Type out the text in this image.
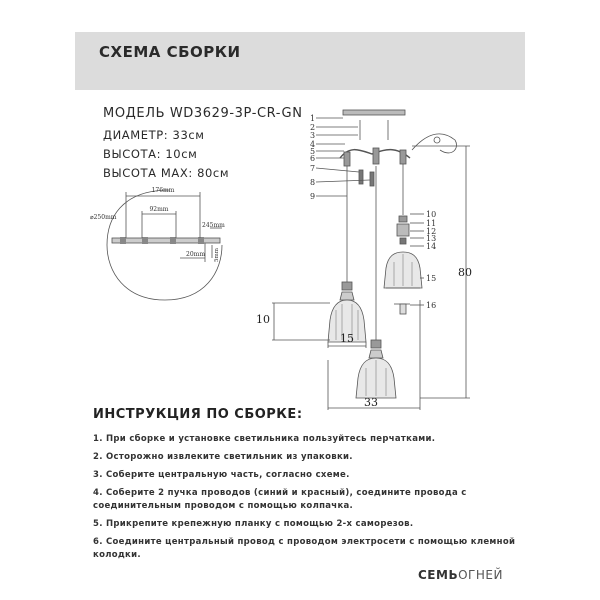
СХЕМА СБОРКИ
МОДЕЛЬ WD3629-3P-CR-GN
ДИАМЕТР: 33см
ВЫСОТА: 10см
ВЫСОТА MAX: 80см
176mm
92mm
⌀250mm
245mm
20mm 5mm
1
2
3
4
5
6
7
8
9
10
11
12
13
14
15
16
80
10
15
33
ИНСТРУКЦИЯ ПО СБОРКЕ:
1. При сборке и установке светильника пользуйтесь перчатками.
2. Осторожно извлеките светильник из упаковки.
3. Соберите центральную часть, согласно схеме.
4. Соберите 2 пучка проводов (синий и красный), соедините провода с соединительным проводом с помощью колпачка.
5. Прикрепите крепежную планку с помощью 2-х саморезов.
6. Соедините центральный провод с проводом электросети с помощью клемной колодки.
СЕМЬОГНЕЙ
